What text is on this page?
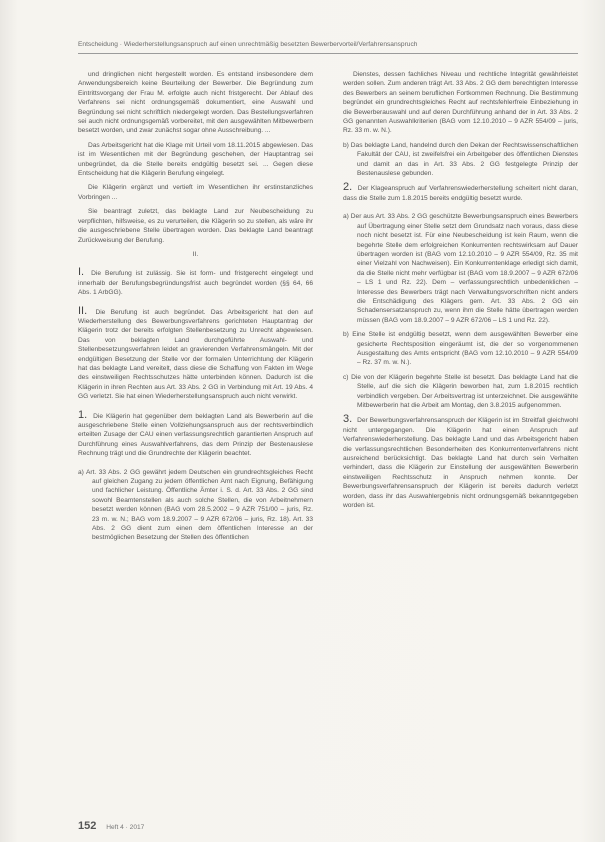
Entscheidung · Wiederherstellungsanspruch auf einen unrechtmäßig besetzten Bewerbervorteil/Verfahrensanspruch

und dringlichen nicht hergestellt worden. Es entstand insbesondere dem Anwendungsbereich keine Beurteilung der Bewerber. Die Begründung zum Eintrittsvorgang der Frau M. erfolgte auch nicht fristgerecht. Der Ablauf des Verfahrens sei nicht ordnungsgemäß dokumentiert, eine Auswahl und Begründung sei nicht schriftlich niedergelegt worden. Das Bestellungsverfahren sei auch nicht ordnungsgemäß vorbereitet, mit den ausgewählten Mitbewerbern besetzt worden, und zwar zunächst sogar ohne Ausschreibung. ...

Das Arbeitsgericht hat die Klage mit Urteil vom 18.11.2015 abgewiesen. Das ist im Wesentlichen mit der Begründung geschehen, der Hauptantrag sei unbegründet, da die Stelle bereits endgültig besetzt sei. ... Gegen diese Entscheidung hat die Klägerin Berufung eingelegt.

Die Klägerin ergänzt und vertieft im Wesentlichen ihr erstinstanzliches Vorbringen ...

Sie beantragt zuletzt, das beklagte Land zur Neubescheidung zu verpflichten, hilfsweise, es zu verurteilen, die Klägerin so zu stellen, als wäre ihr die ausgeschriebene Stelle übertragen worden. Das beklagte Land beantragt Zurückweisung der Berufung.

II.

I. Die Berufung ist zulässig. Sie ist form- und fristgerecht eingelegt und innerhalb der Berufungsbegründungsfrist auch begründet worden (§§ 64, 66 Abs. 1 ArbGG).

II. Die Berufung ist auch begründet. Das Arbeitsgericht hat den auf Wiederherstellung des Bewerbungsverfahrens gerichteten Hauptantrag der Klägerin trotz der bereits erfolgten Stellenbesetzung zu Unrecht abgewiesen. Das von beklagten Land durchgeführte Auswahl- und Stellenbesetzungsverfahren leidet an gravierenden Verfahrensmängeln. Mit der endgültigen Besetzung der Stelle vor der formalen Unterrichtung der Klägerin hat das beklagte Land vereitelt, dass diese die Schaffung von Fakten im Wege des einstweiligen Rechtsschutzes hätte unterbinden können. Dadurch ist die Klägerin in ihren Rechten aus Art. 33 Abs. 2 GG in Verbindung mit Art. 19 Abs. 4 GG verletzt. Sie hat einen Wiederherstellungsanspruch auch nicht verwirkt.

1. Die Klägerin hat gegenüber dem beklagten Land als Bewerberin auf die ausgeschriebene Stelle einen Vollziehungsanspruch aus der rechtsverbindlich erteilten Zusage der CAU einen verfassungsrechtlich garantierten Anspruch auf Durchführung eines Auswahlverfahrens, das dem Prinzip der Bestenauslese Rechnung trägt und die Grundrechte der Klägerin beachtet.

a) Art. 33 Abs. 2 GG gewährt jedem Deutschen ein grundrechtsgleiches Recht auf gleichen Zugang zu jedem öffentlichen Amt nach Eignung, Befähigung und fachlicher Leistung. Öffentliche Ämter i. S. d. Art. 33 Abs. 2 GG sind sowohl Beamtenstellen als auch solche Stellen, die von Arbeitnehmern besetzt werden können (BAG vom 28.5.2002 – 9 AZR 751/00 – juris, Rz. 23 m. w. N.; BAG vom 18.9.2007 – 9 AZR 672/06 – juris, Rz. 18). Art. 33 Abs. 2 GG dient zum einen dem öffentlichen Interesse an der bestmöglichen Besetzung der Stellen des öffentlichen

Dienstes, dessen fachliches Niveau und rechtliche Integrität gewährleistet werden sollen. Zum anderen trägt Art. 33 Abs. 2 GG dem berechtigten Interesse des Bewerbers an seinem beruflichen Fortkommen Rechnung. Die Bestimmung begründet ein grundrechtsgleiches Recht auf rechtsfehlerfreie Einbeziehung in die Bewerberauswahl und auf deren Durchführung anhand der in Art. 33 Abs. 2 GG genannten Auswahlkriterien (BAG vom 12.10.2010 – 9 AZR 554/09 – juris, Rz. 33 m. w. N.).

b) Das beklagte Land, handelnd durch den Dekan der Rechtswissenschaftlichen Fakultät der CAU, ist zweifelsfrei ein Arbeitgeber des öffentlichen Dienstes und damit an das in Art. 33 Abs. 2 GG festgelegte Prinzip der Bestenauslese gebunden.

2. Der Klageanspruch auf Verfahrenswiederherstellung scheitert nicht daran, dass die Stelle zum 1.8.2015 bereits endgültig besetzt wurde.

a) Der aus Art. 33 Abs. 2 GG geschützte Bewerbungsanspruch eines Bewerbers auf Übertragung einer Stelle setzt dem Grundsatz nach voraus, dass diese noch nicht besetzt ist. Für eine Neubescheidung ist kein Raum, wenn die begehrte Stelle dem erfolgreichen Konkurrenten rechtswirksam auf Dauer übertragen worden ist (BAG vom 12.10.2010 – 9 AZR 554/09, Rz. 35 mit einer Vielzahl von Nachweisen). Ein Konkurrentenklage erledigt sich damit, da die Stelle nicht mehr verfügbar ist (BAG vom 18.9.2007 – 9 AZR 672/06 – LS 1 und Rz. 22). Dem – verfassungsrechtlich unbedenklichen – Interesse des Bewerbers trägt nach Verwaltungsvorschriften nicht anders die Entschädigung des Klägers gem. Art. 33 Abs. 2 GG ein Schadensersatzanspruch zu, wenn ihm die Stelle hätte übertragen werden müssen (BAG vom 18.9.2007 – 9 AZR 672/06 – LS 1 und Rz. 22).

b) Eine Stelle ist endgültig besetzt, wenn dem ausgewählten Bewerber eine gesicherte Rechtsposition eingeräumt ist, die der so vorgenommenen Ausgestaltung des Amts entspricht (BAG vom 12.10.2010 – 9 AZR 554/09 – Rz. 37 m. w. N.).

c) Die von der Klägerin begehrte Stelle ist besetzt. Das beklagte Land hat die Stelle, auf die sich die Klägerin beworben hat, zum 1.8.2015 rechtlich verbindlich vergeben. Der Arbeitsvertrag ist unterzeichnet. Die ausgewählte Mitbewerberin hat die Arbeit am Montag, den 3.8.2015 aufgenommen.

3. Der Bewerbungsverfahrensanspruch der Klägerin ist im Streitfall gleichwohl nicht untergegangen. Die Klägerin hat einen Anspruch auf Verfahrenswiederherstellung. Das beklagte Land und das Arbeitsgericht haben die verfassungsrechtlichen Besonderheiten des Konkurrentenverfahrens nicht ausreichend berücksichtigt. Das beklagte Land hat durch sein Verhalten verhindert, dass die Klägerin zur Einstellung der ausgewählten Bewerberin einstweiligen Rechtsschutz in Anspruch nehmen konnte. Der Bewerbungsverfahrensanspruch der Klägerin ist bereits dadurch verletzt worden, dass ihr das Auswahlergebnis nicht ordnungsgemäß bekanntgegeben worden ist.

152 Heft 4 · 2017
